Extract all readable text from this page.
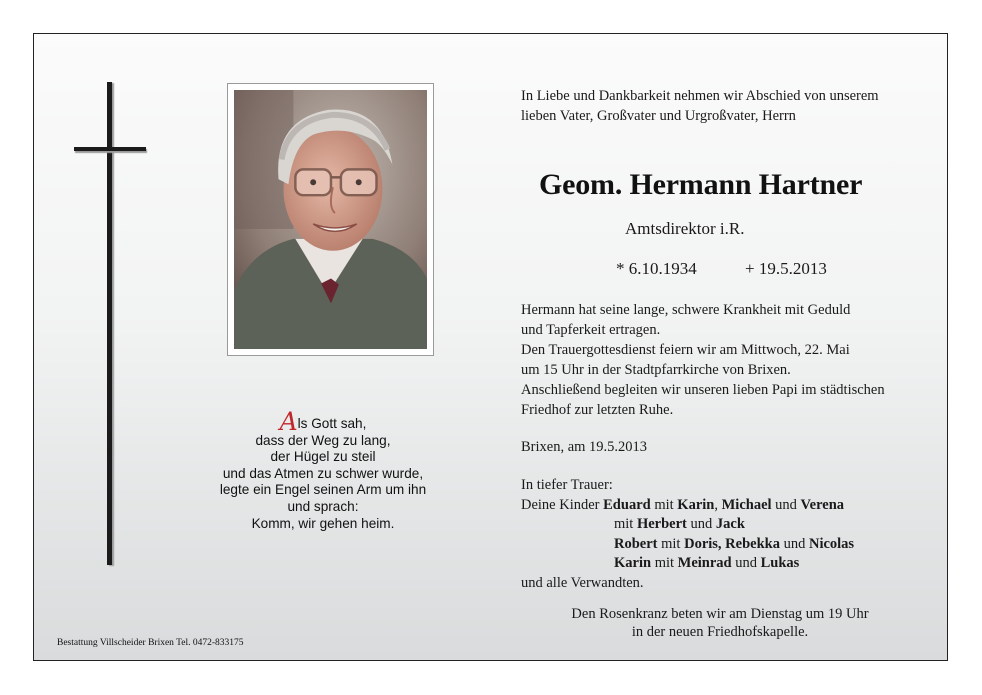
Als Gott sah,
dass der Weg zu lang,
der Hügel zu steil
und das Atmen zu schwer wurde,
legte ein Engel seinen Arm um ihn
und sprach:
Komm, wir gehen heim.
In Liebe und Dankbarkeit nehmen wir Abschied von unserem
lieben Vater, Großvater und Urgroßvater, Herrn
Geom. Hermann Hartner
Amtsdirektor i.R.
* 6.10.1934	+ 19.5.2013
Hermann hat seine lange, schwere Krankheit mit Geduld
und Tapferkeit ertragen.
Den Trauergottesdienst feiern wir am Mittwoch, 22. Mai
um 15 Uhr in der Stadtpfarrkirche von Brixen.
Anschließend begleiten wir unseren lieben Papi im städtischen
Friedhof zur letzten Ruhe.
Brixen, am 19.5.2013
In tiefer Trauer:
Deine Kinder Eduard mit Karin, Michael und Verena
mit Herbert und Jack
Robert mit Doris, Rebekka und Nicolas
Karin mit Meinrad und Lukas
und alle Verwandten.
Den Rosenkranz beten wir am Dienstag um 19 Uhr
in der neuen Friedhofskapelle.
Bestattung Villscheider Brixen Tel. 0472-833175
